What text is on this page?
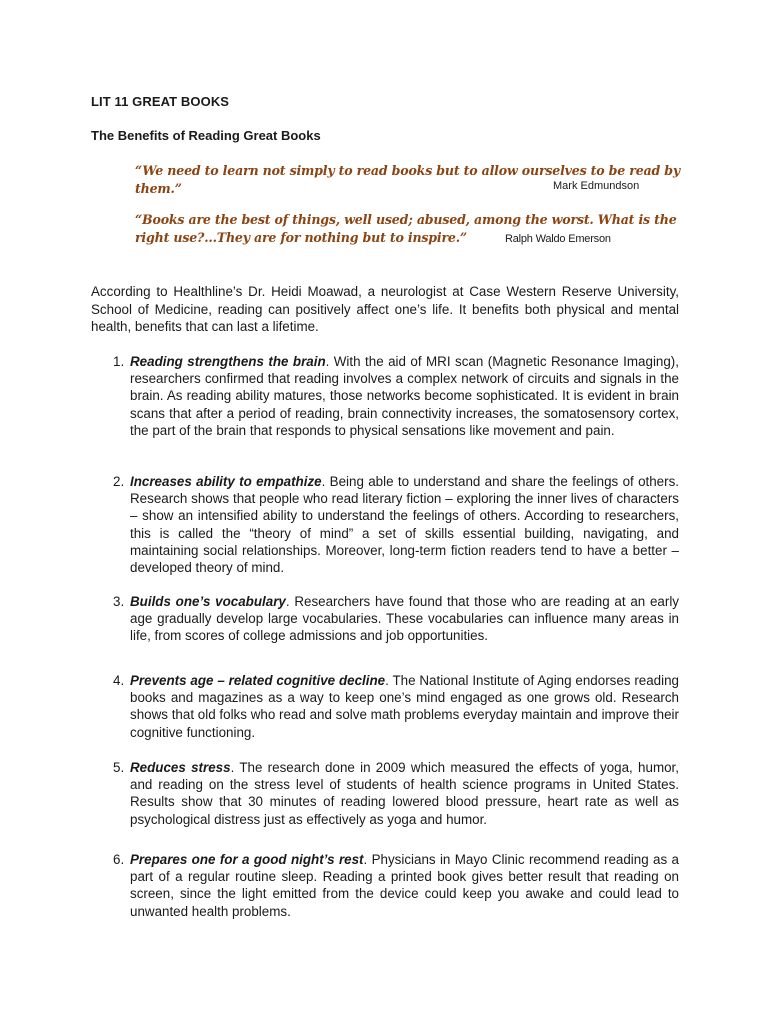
LIT 11 GREAT BOOKS
The Benefits of Reading Great Books
“We need to learn not simply to read books but to allow ourselves to be read by them.”	Mark Edmundson
“Books are the best of things, well used; abused, among the worst. What is the right use?...They are for nothing but to inspire.”	Ralph Waldo Emerson

According to Healthline’s Dr. Heidi Moawad, a neurologist at Case Western Reserve University, School of Medicine, reading can positively affect one’s life. It benefits both physical and mental health, benefits that can last a lifetime.

1. Reading strengthens the brain. With the aid of MRI scan (Magnetic Resonance Imaging), researchers confirmed that reading involves a complex network of circuits and signals in the brain. As reading ability matures, those networks become sophisticated. It is evident in brain scans that after a period of reading, brain connectivity increases, the somatosensory cortex, the part of the brain that responds to physical sensations like movement and pain.
2. Increases ability to empathize. Being able to understand and share the feelings of others. Research shows that people who read literary fiction – exploring the inner lives of characters – show an intensified ability to understand the feelings of others. According to researchers, this is called the “theory of mind” a set of skills essential building, navigating, and maintaining social relationships. Moreover, long-term fiction readers tend to have a better – developed theory of mind.
3. Builds one’s vocabulary. Researchers have found that those who are reading at an early age gradually develop large vocabularies. These vocabularies can influence many areas in life, from scores of college admissions and job opportunities.
4. Prevents age – related cognitive decline. The National Institute of Aging endorses reading books and magazines as a way to keep one’s mind engaged as one grows old. Research shows that old folks who read and solve math problems everyday maintain and improve their cognitive functioning.
5. Reduces stress. The research done in 2009 which measured the effects of yoga, humor, and reading on the stress level of students of health science programs in United States. Results show that 30 minutes of reading lowered blood pressure, heart rate as well as psychological distress just as effectively as yoga and humor.
6. Prepares one for a good night’s rest. Physicians in Mayo Clinic recommend reading as a part of a regular routine sleep. Reading a printed book gives better result that reading on screen, since the light emitted from the device could keep you awake and could lead to unwanted health problems.
